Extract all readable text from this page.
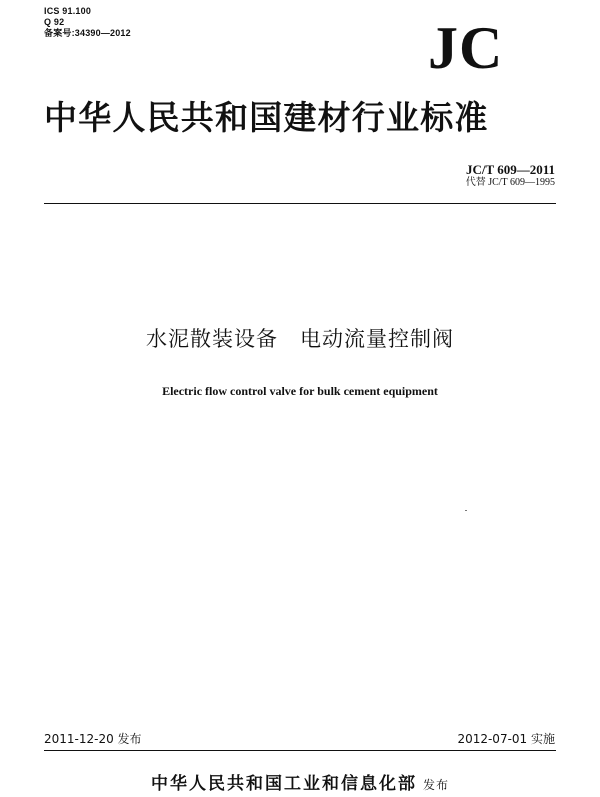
ICS 91.100
Q 92
备案号:34390—2012	JC
中华人民共和国建材行业标准
JC/T 609—2011
代替 JC/T 609—1995
水泥散装设备　电动流量控制阀
Electric flow control valve for bulk cement equipment
2011-12-20 发布	2012-07-01 实施
中华人民共和国工业和信息化部 发布
